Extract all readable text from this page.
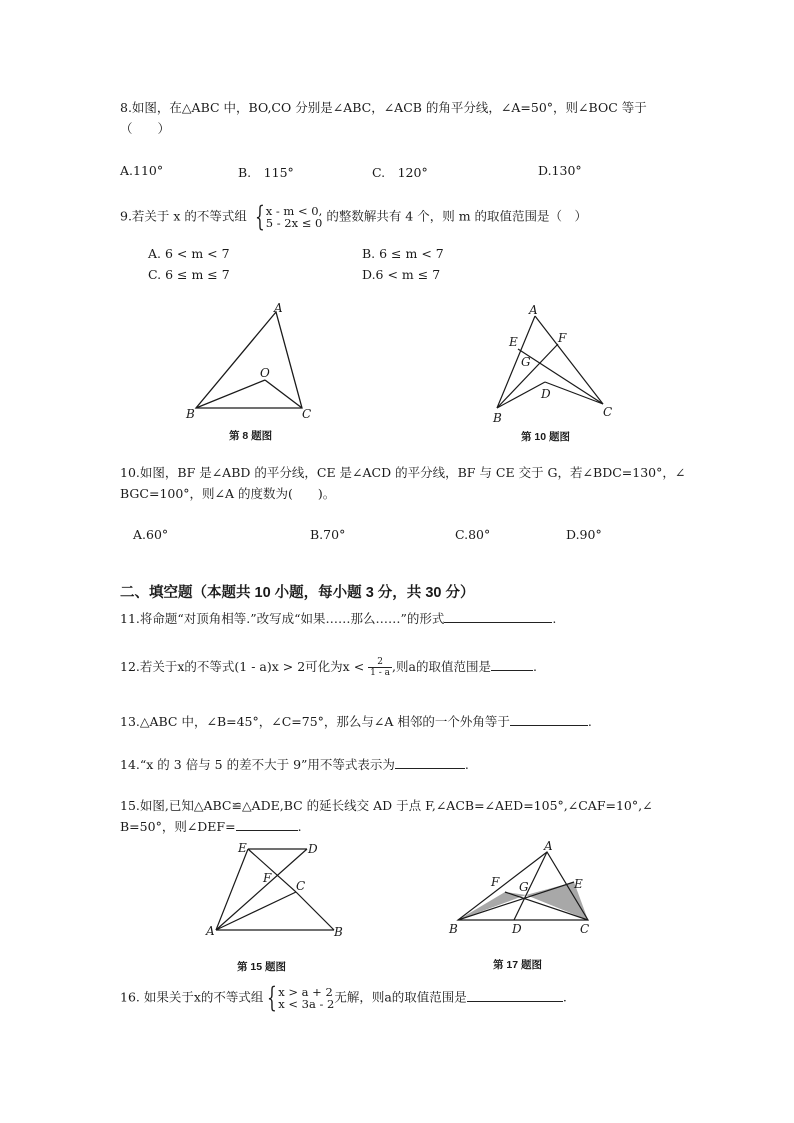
8.如图，在△ABC 中，BO,CO 分别是∠ABC，∠ACB 的角平分线，∠A=50°，则∠BOC 等于
（　　）
A.110°	B.　115°	C.　120°	D.130°
9.若关于 x 的不等式组 { x - m < 0,
5 - 2x ≤ 0 的整数解共有 4 个，则 m 的取值范围是（　）
A. 6 < m < 7	B. 6 ≤ m < 7
C. 6 ≤ m ≤ 7	D.6 < m ≤ 7
A
O
B	C
第 8 题图
A
E	F
G
D
B	C
第 10 题图
10.如图，BF 是∠ABD 的平分线，CE 是∠ACD 的平分线，BF 与 CE 交于 G，若∠BDC=130°，∠
BGC=100°，则∠A 的度数为(　　)。
A.60°	B.70°	C.80°	D.90°
二、填空题（本题共 10 小题，每小题 3 分，共 30 分）
11.将命题“对顶角相等.”改写成“如果……那么……”的形式	.
12.若关于x的不等式(1 - a)x > 2可化为$x < \frac{2}{1 - a}$ ,则a的取值范围是	.
13.△ABC 中，∠B=45°，∠C=75°，那么与∠A 相邻的一个外角等于	.
14.“x 的 3 倍与 5 的差不大于 9”用不等式表示为	.
15.如图,已知△ABC≌△ADE,BC 的延长线交 AD 于点 F,∠ACB=∠AED=105°,∠CAF=10°,∠
B=50°，则∠DEF=	.
E	D
F
C
A	B
第 15 题图
A
F G	E
B	D	C
第 17 题图
16. 如果关于x的不等式组 { x > a + 2
x < 3a - 2 无解，则a的取值范围是	.
